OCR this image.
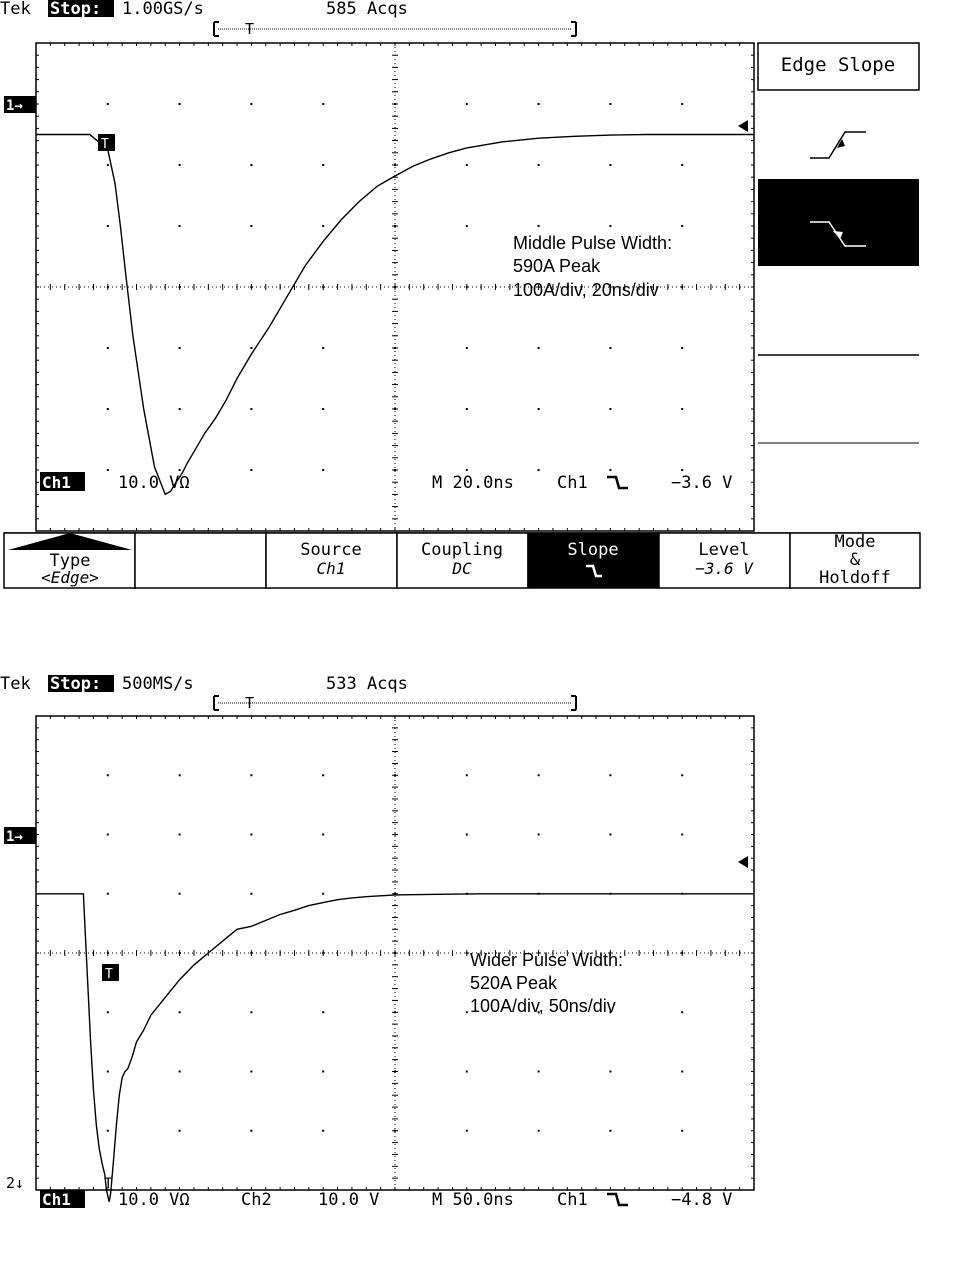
Tek Stop: 1.00GS/s	585 Acqs
T
1→
T
Middle Pulse Width:
590A Peak
100A/div, 20ns/div
Ch1	10.0 VΩ	M 20.0ns	Ch1	−3.6 V
Edge Slope
Type
<Edge>
Source
Ch1
Coupling
DC
Slope	Level
−3.6 V
Mode & Holdoff
Tek Stop: 500MS/s	533 Acqs
T
1→
2↓
T
T
Wider Pulse Width:
520A Peak
100A/div, 50ns/div
Ch1	10.0 VΩ	Ch2	10.0 V	M 50.0ns	Ch1	−4.8 V
